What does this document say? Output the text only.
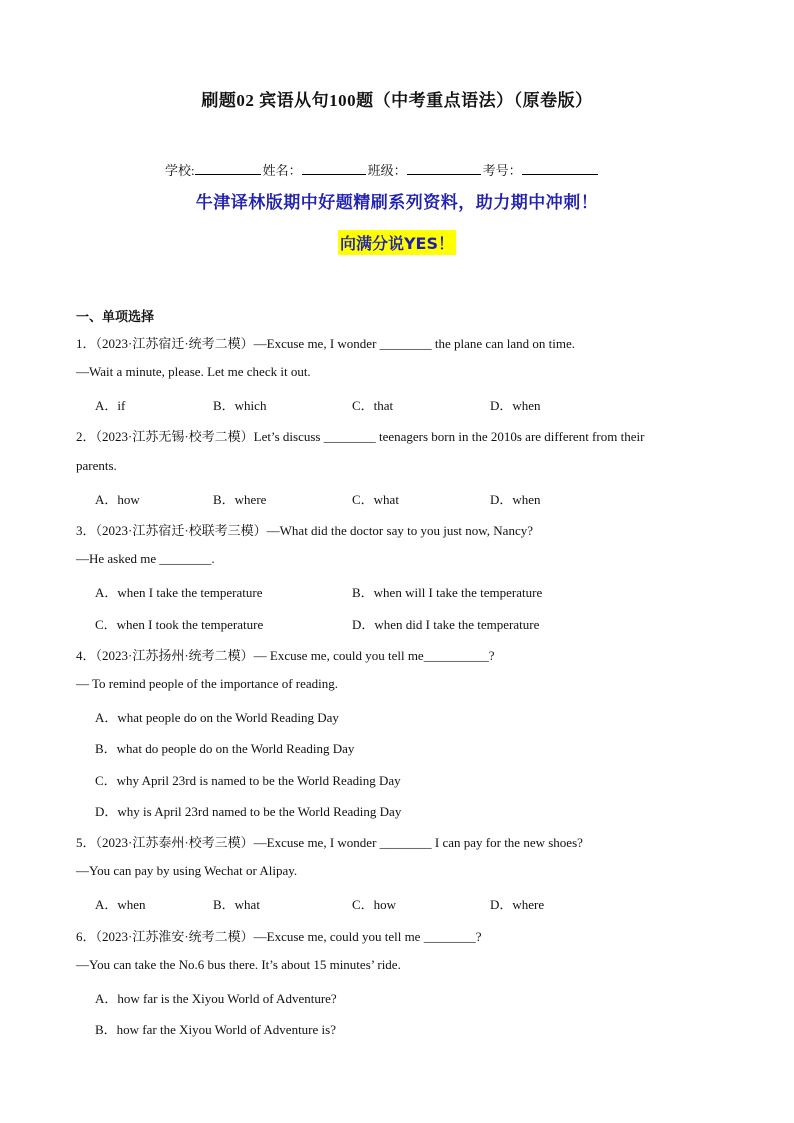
刷题02 宾语从句100题（中考重点语法）（原卷版）
学校:	姓名：	班级：	考号：
牛津译林版期中好题精刷系列资料，助力期中冲刺！
向满分说YES！
一、单项选择
1．（2023·江苏宿迁·统考二模）—Excuse me, I wonder ________ the plane can land on time.
—Wait a minute, please. Let me check it out.
A．if	B．which	C．that	D．when
2．（2023·江苏无锡·校考二模）Let’s discuss ________ teenagers born in the 2010s are different from their
parents.
A．how	B．where	C．what	D．when
3．（2023·江苏宿迁·校联考三模）—What did the doctor say to you just now, Nancy?
—He asked me ________.
A．when I take the temperature	B．when will I take the temperature
C．when I took the temperature	D．when did I take the temperature
4．（2023·江苏扬州·统考二模）— Excuse me, could you tell me__________?
— To remind people of the importance of reading.
A．what people do on the World Reading Day
B．what do people do on the World Reading Day
C．why April 23rd is named to be the World Reading Day
D．why is April 23rd named to be the World Reading Day
5．（2023·江苏泰州·校考三模）—Excuse me, I wonder ________ I can pay for the new shoes?
—You can pay by using Wechat or Alipay.
A．when	B．what	C．how	D．where
6．（2023·江苏淮安·统考二模）—Excuse me, could you tell me ________?
—You can take the No.6 bus there. It’s about 15 minutes’ ride.
A．how far is the Xiyou World of Adventure?
B．how far the Xiyou World of Adventure is?
